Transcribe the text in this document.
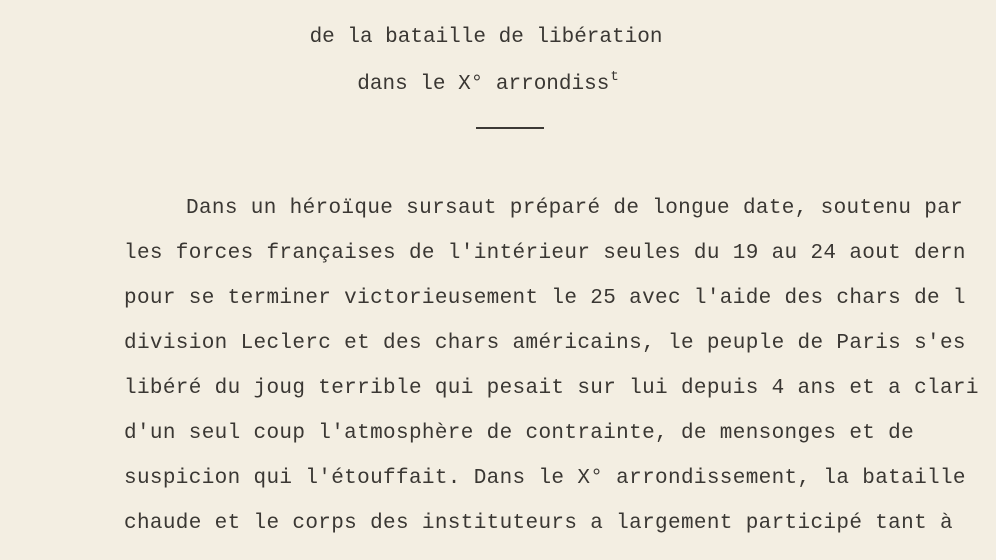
de la bataille de libération
dans le X° arrondiss$^t$
Dans un héroïque sursaut préparé de longue date, soutenu par
les forces françaises de l'intérieur seules du 19 au 24 aout dern
pour se terminer victorieusement le 25 avec l'aide des chars de l
division Leclerc et des chars américains, le peuple de Paris s'es
libéré du joug terrible qui pesait sur lui depuis 4 ans et a clari
d'un seul coup l'atmosphère de contrainte, de mensonges et de
suspicion qui l'étouffait. Dans le X° arrondissement, la bataille
chaude et le corps des instituteurs a largement participé tant à
